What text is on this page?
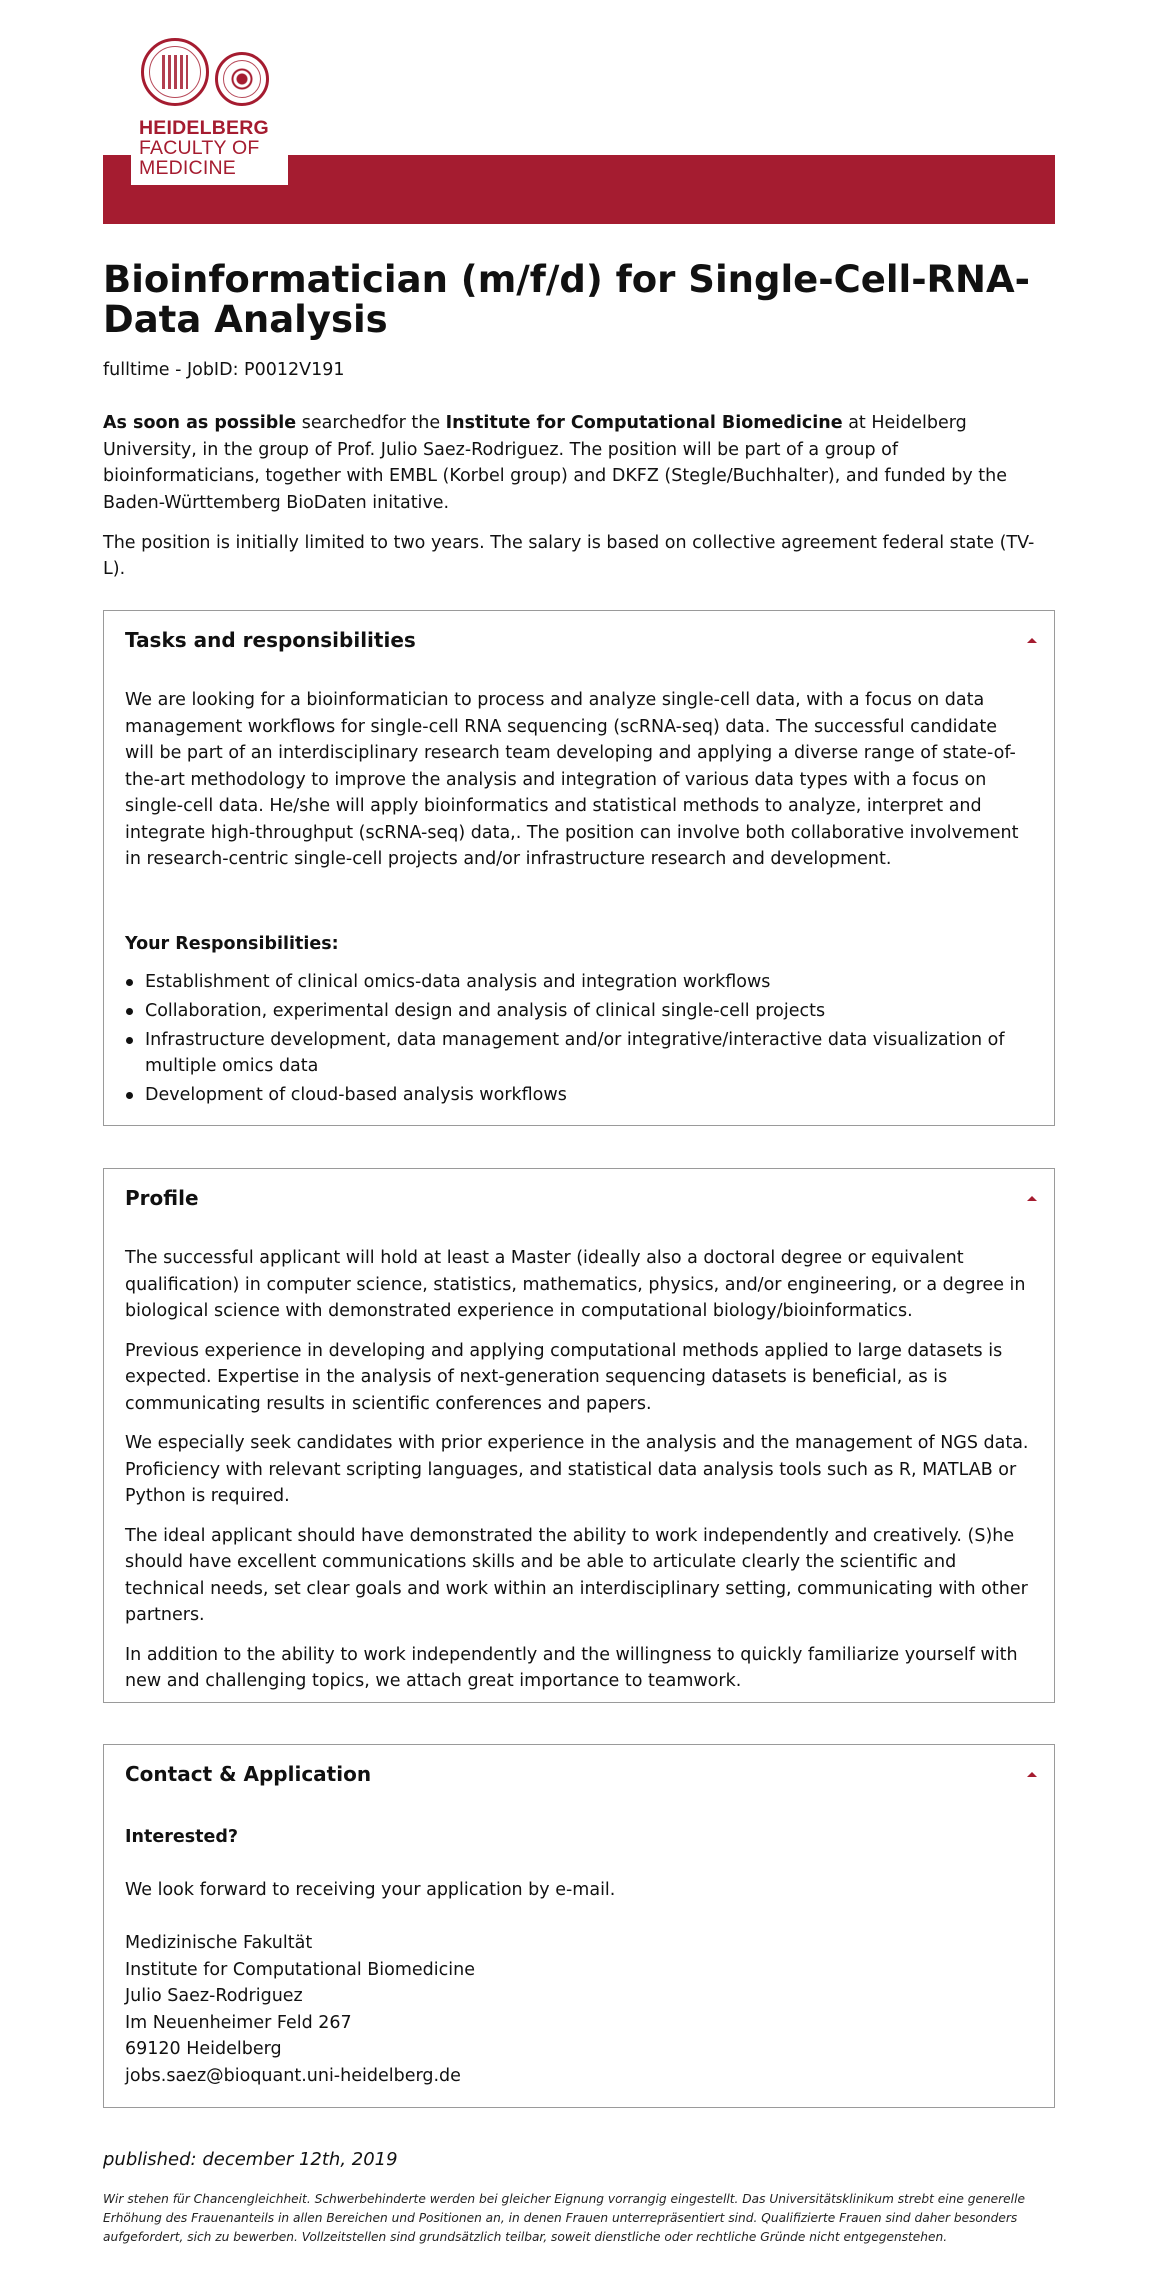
HEIDELBERG
FACULTY OF
MEDICINE
Bioinformatician (m/f/d) for Single-Cell-RNA-Data Analysis
fulltime - JobID: P0012V191

As soon as possible searchedfor the Institute for Computational Biomedicine at Heidelberg University, in the group of Prof. Julio Saez-Rodriguez. The position will be part of a group of bioinformaticians, together with EMBL (Korbel group) and DKFZ (Stegle/Buchhalter), and funded by the Baden-Württemberg BioDaten initative.

The position is initially limited to two years. The salary is based on collective agreement federal state (TV-L).

Tasks and responsibilities

We are looking for a bioinformatician to process and analyze single-cell data, with a focus on data management workflows for single-cell RNA sequencing (scRNA-seq) data. The successful candidate will be part of an interdisciplinary research team developing and applying a diverse range of state-of-the-art methodology to improve the analysis and integration of various data types with a focus on single-cell data. He/she will apply bioinformatics and statistical methods to analyze, interpret and integrate high-throughput (scRNA-seq) data,. The position can involve both collaborative involvement in research-centric single-cell projects and/or infrastructure research and development.

Your Responsibilities:
Establishment of clinical omics-data analysis and integration workflows
Collaboration, experimental design and analysis of clinical single-cell projects
Infrastructure development, data management and/or integrative/interactive data visualization of multiple omics data
Development of cloud-based analysis workflows
Profile

The successful applicant will hold at least a Master (ideally also a doctoral degree or equivalent qualification) in computer science, statistics, mathematics, physics, and/or engineering, or a degree in biological science with demonstrated experience in computational biology/bioinformatics.

Previous experience in developing and applying computational methods applied to large datasets is expected. Expertise in the analysis of next-generation sequencing datasets is beneficial, as is communicating results in scientific conferences and papers.

We especially seek candidates with prior experience in the analysis and the management of NGS data. Proficiency with relevant scripting languages, and statistical data analysis tools such as R, MATLAB or Python is required.

The ideal applicant should have demonstrated the ability to work independently and creatively. (S)he should have excellent communications skills and be able to articulate clearly the scientific and technical needs, set clear goals and work within an interdisciplinary setting, communicating with other partners.

In addition to the ability to work independently and the willingness to quickly familiarize yourself with new and challenging topics, we attach great importance to teamwork.

Contact & Application
Interested?
We look forward to receiving your application by e-mail.
Medizinische Fakultät
Institute for Computational Biomedicine
Julio Saez-Rodriguez
Im Neuenheimer Feld 267
69120 Heidelberg
jobs.saez@bioquant.uni-heidelberg.de
published: december 12th, 2019
Wir stehen für Chancengleichheit. Schwerbehinderte werden bei gleicher Eignung vorrangig eingestellt. Das Universitätsklinikum strebt eine generelle Erhöhung des Frauenanteils in allen Bereichen und Positionen an, in denen Frauen unterrepräsentiert sind. Qualifizierte Frauen sind daher besonders aufgefordert, sich zu bewerben. Vollzeitstellen sind grundsätzlich teilbar, soweit dienstliche oder rechtliche Gründe nicht entgegenstehen.
